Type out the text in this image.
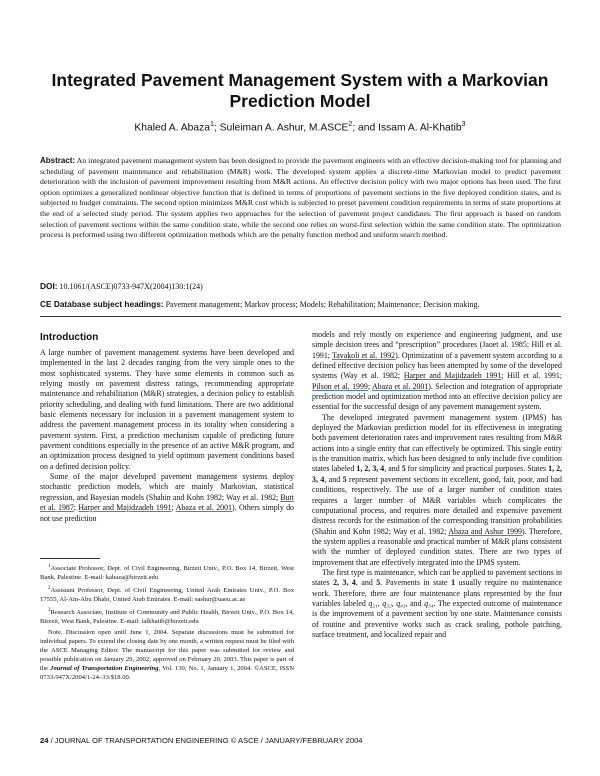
Integrated Pavement Management System with a Markovian Prediction Model
Khaled A. Abaza$^1$; Suleiman A. Ashur, M.ASCE$^2$; and Issam A. Al-Khatib$^3$
Abstract: An integrated pavement management system has been designed to provide the pavement engineers with an effective decision-making tool for planning and scheduling of pavement maintenance and rehabilitation (M&R) work. The developed system applies a discrete-time Markovian model to predict pavement deterioration with the inclusion of pavement improvement resulting from M&R actions. An effective decision policy with two major options has been used. The first option optimizes a generalized nonlinear objective function that is defined in terms of proportions of pavement sections in the five deployed condition states, and is subjected to budget constraints. The second option minimizes M&R cost which is subjected to preset pavement condition requirements in terms of state proportions at the end of a selected study period. The system applies two approaches for the selection of pavement project candidates. The first approach is based on random selection of pavement sections within the same condition state, while the second one relies on worst-first selection within the same condition state. The optimization process is performed using two different optimization methods which are the penalty function method and uniform search method.
DOI: 10.1061/(ASCE)0733-947X(2004)130:1(24)
CE Database subject headings: Pavement management; Markov process; Models; Rehabilitation; Maintenance; Decision making.
Introduction

A large number of pavement management systems have been developed and implemented in the last 2 decades ranging from the very simple ones to the most sophisticated systems. They have some elements in common such as relying mostly on pavement distress ratings, recommending appropriate maintenance and rehabilitation (M&R) strategies, a decision policy to establish priority scheduling, and dealing with fund limitations. There are two additional basic elements necessary for inclusion in a pavement management system to address the pavement management process in its totality when considering a pavement system. First, a prediction mechanism capable of predicting future pavement conditions especially in the presence of an active M&R program, and an optimization process designed to yield optimum pavement conditions based on a defined decision policy.

Some of the major developed pavement management systems deploy stochastic prediction models, which are mainly Markovian, statistical regression, and Bayesian models (Shahin and Kohn 1982; Way et al. 1982; Butt et al. 1987; Harper and Majidzadeh 1991; Abaza et al. 2001). Others simply do not use prediction

$^1$Associate Professor, Dept. of Civil Engineering, Birzeit Univ., P.O. Box 14, Birzeit, West Bank, Palestine. E-mail: kabaza@birzeit.edu

$^2$Assistant Professor, Dept. of Civil Engineering, United Arab Emirates Univ., P.O. Box 17555, Al-Ain-Abu Dhabi, United Arab Emirates. E-mail: sashur@uaeu.ac.ae

$^3$Research Associate, Institute of Community and Public Health, Birzeit Univ., P.O. Box 14, Birzeit, West Bank, Palestine. E-mail: ialkhatib@birzeit.edu

Note. Discussion open until June 1, 2004. Separate discussions must be submitted for individual papers. To extend the closing date by one month, a written request must be filed with the ASCE Managing Editor. The manuscript for this paper was submitted for review and possible publication on January 29, 2002; approved on February 20, 2003. This paper is part of the Journal of Transportation Engineering, Vol. 130, No. 1, January 1, 2004. ©ASCE, ISSN 0733-947X/2004/1-24–33/$18.00.

models and rely mostly on experience and engineering judgment, and use simple decision trees and “prescription” procedures (Jaoet al. 1985; Hill et al. 1991; Tavakoli et al. 1992). Optimization of a pavement system according to a defined effective decision policy has been attempted by some of the developed systems (Way et al. 1982; Harper and Majidzadeh 1991; Hill et al. 1991; Pilson et al. 1999; Abaza et al. 2001). Selection and integration of appropriate prediction model and optimization method into an effective decision policy are essential for the successful design of any pavement management system.

The developed integrated pavement management system (IPMS) has deployed the Markovian prediction model for its effectiveness in integrating both pavement deterioration rates and improvement rates resulting from M&R actions into a single entity that can effectively be optimized. This single entity is the transition matrix, which has been designed to only include five condition states labeled 1, 2, 3, 4, and 5 for simplicity and practical purposes. States 1, 2, 3, 4, and 5 represent pavement sections in excellent, good, fair, poor, and bad conditions, respectively. The use of a larger number of condition states requires a larger number of M&R variables which complicates the computational process, and requires more detailed and expensive pavement distress records for the estimation of the corresponding transition probabilities (Shahin and Kohn 1982; Way et al. 1982; Abaza and Ashur 1999). Therefore, the system applies a reasonable and practical number of M&R plans consistent with the number of deployed condition states. There are two types of improvement that are effectively integrated into the IPMS system.

The first type is maintenance, which can be applied to pavement sections in states 2, 3, 4, and 5. Pavements in state 1 usually require no maintenance work. Therefore, there are four maintenance plans represented by the four variables labeled q₂₁, q₃₂, q₄₃, and q₅₄. The expected outcome of maintenance is the improvement of a pavement section by one state. Maintenance consists of routine and preventive works such as crack sealing, pothole patching, surface treatment, and localized repair and

24 / JOURNAL OF TRANSPORTATION ENGINEERING © ASCE / JANUARY/FEBRUARY 2004
